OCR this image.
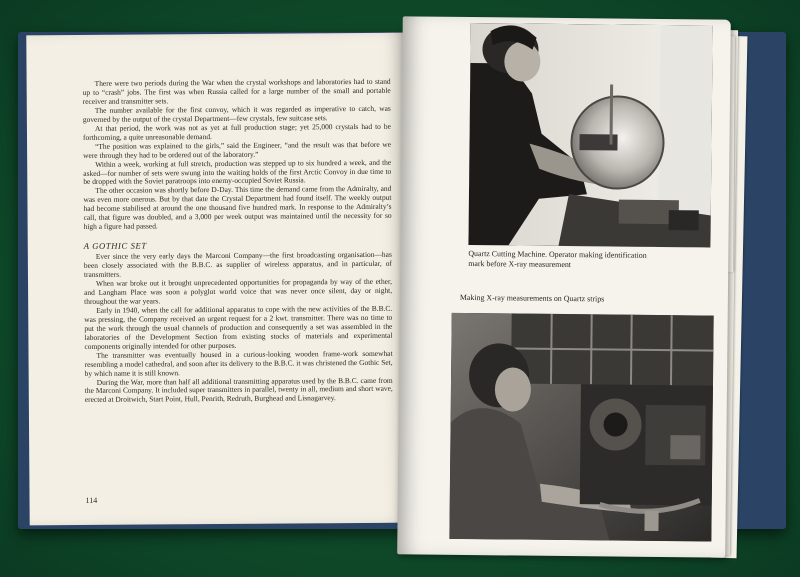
There were two periods during the War when the crystal workshops and laboratories had to stand up to “crash” jobs. The first was when Russia called for a large number of the small and portable receiver and transmitter sets.

The number available for the first convoy, which it was regarded as imperative to catch, was governed by the output of the crystal Department—few crystals, few suitcase sets.

At that period, the work was not as yet at full production stage; yet 25,000 crystals had to be forthcoming, a quite unreasonable demand.

“The position was explained to the girls,” said the Engineer, “and the result was that before we were through they had to be ordered out of the laboratory.”

Within a week, working at full stretch, production was stepped up to six hundred a week, and the asked—for number of sets were swung into the waiting holds of the first Arctic Convoy in due time to be dropped with the Soviet paratroops into enemy-occupied Soviet Russia.

The other occasion was shortly before D-Day. This time the demand came from the Admiralty, and was even more onerous. But by that date the Crystal Department had found itself. The weekly output had become stabilised at around the one thousand five hundred mark. In response to the Admiralty’s call, that figure was doubled, and a 3,000 per week output was maintained until the necessity for so high a figure had passed.

A GOTHIC SET

Ever since the very early days the Marconi Company—the first broadcasting organisation—has been closely associated with the B.B.C. as supplier of wireless apparatus, and in particular, of transmitters.

When war broke out it brought unprecedented opportunities for propaganda by way of the ether, and Langham Place was soon a polyglot world voice that was never once silent, day or night, throughout the war years.

Early in 1940, when the call for additional apparatus to cope with the new activities of the B.B.C. was pressing, the Company received an urgent request for a 2 kwt. transmitter. There was no time to put the work through the usual channels of production and consequently a set was assembled in the laboratories of the Development Section from existing stocks of materials and experimental components originally intended for other purposes.

The transmitter was eventually housed in a curious-looking wooden frame-work somewhat resembling a model cathedral, and soon after its delivery to the B.B.C. it was christened the Gothic Set, by which name it is still known.

During the War, more than half all additional transmitting apparatus used by the B.B.C. came from the Marconi Company. It included super transmitters in parallel, twenty in all, medium and short wave, erected at Droitwich, Start Point, Hull, Penrith, Redruth, Burghead and Lisnagarvey.

114
Quartz Cutting Machine. Operator making identification
mark before X-ray measurement
Making X-ray measurements on Quartz strips
